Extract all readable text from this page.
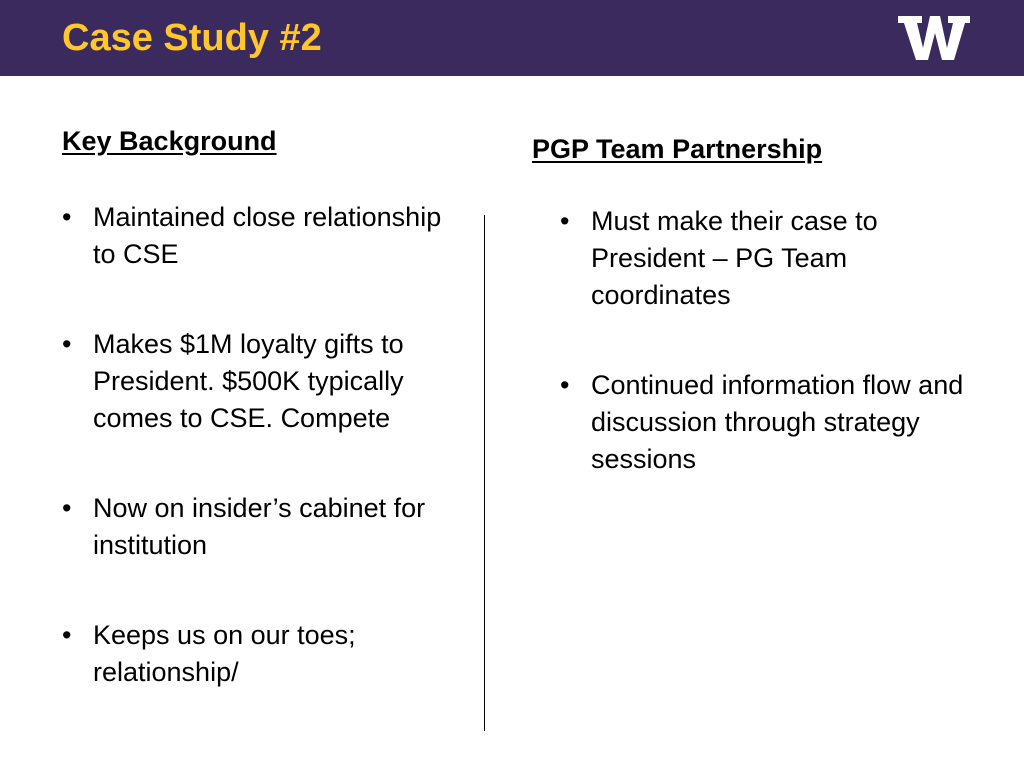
Case Study #2
Key Background
• Maintained close relationship to CSE
• Makes $1M loyalty gifts to President. $500K typically comes to CSE. Compete
• Now on insider’s cabinet for institution
• Keeps us on our toes; relationship/
PGP Team Partnership
• Must make their case to President – PG Team coordinates
• Continued information flow and discussion through strategy sessions
